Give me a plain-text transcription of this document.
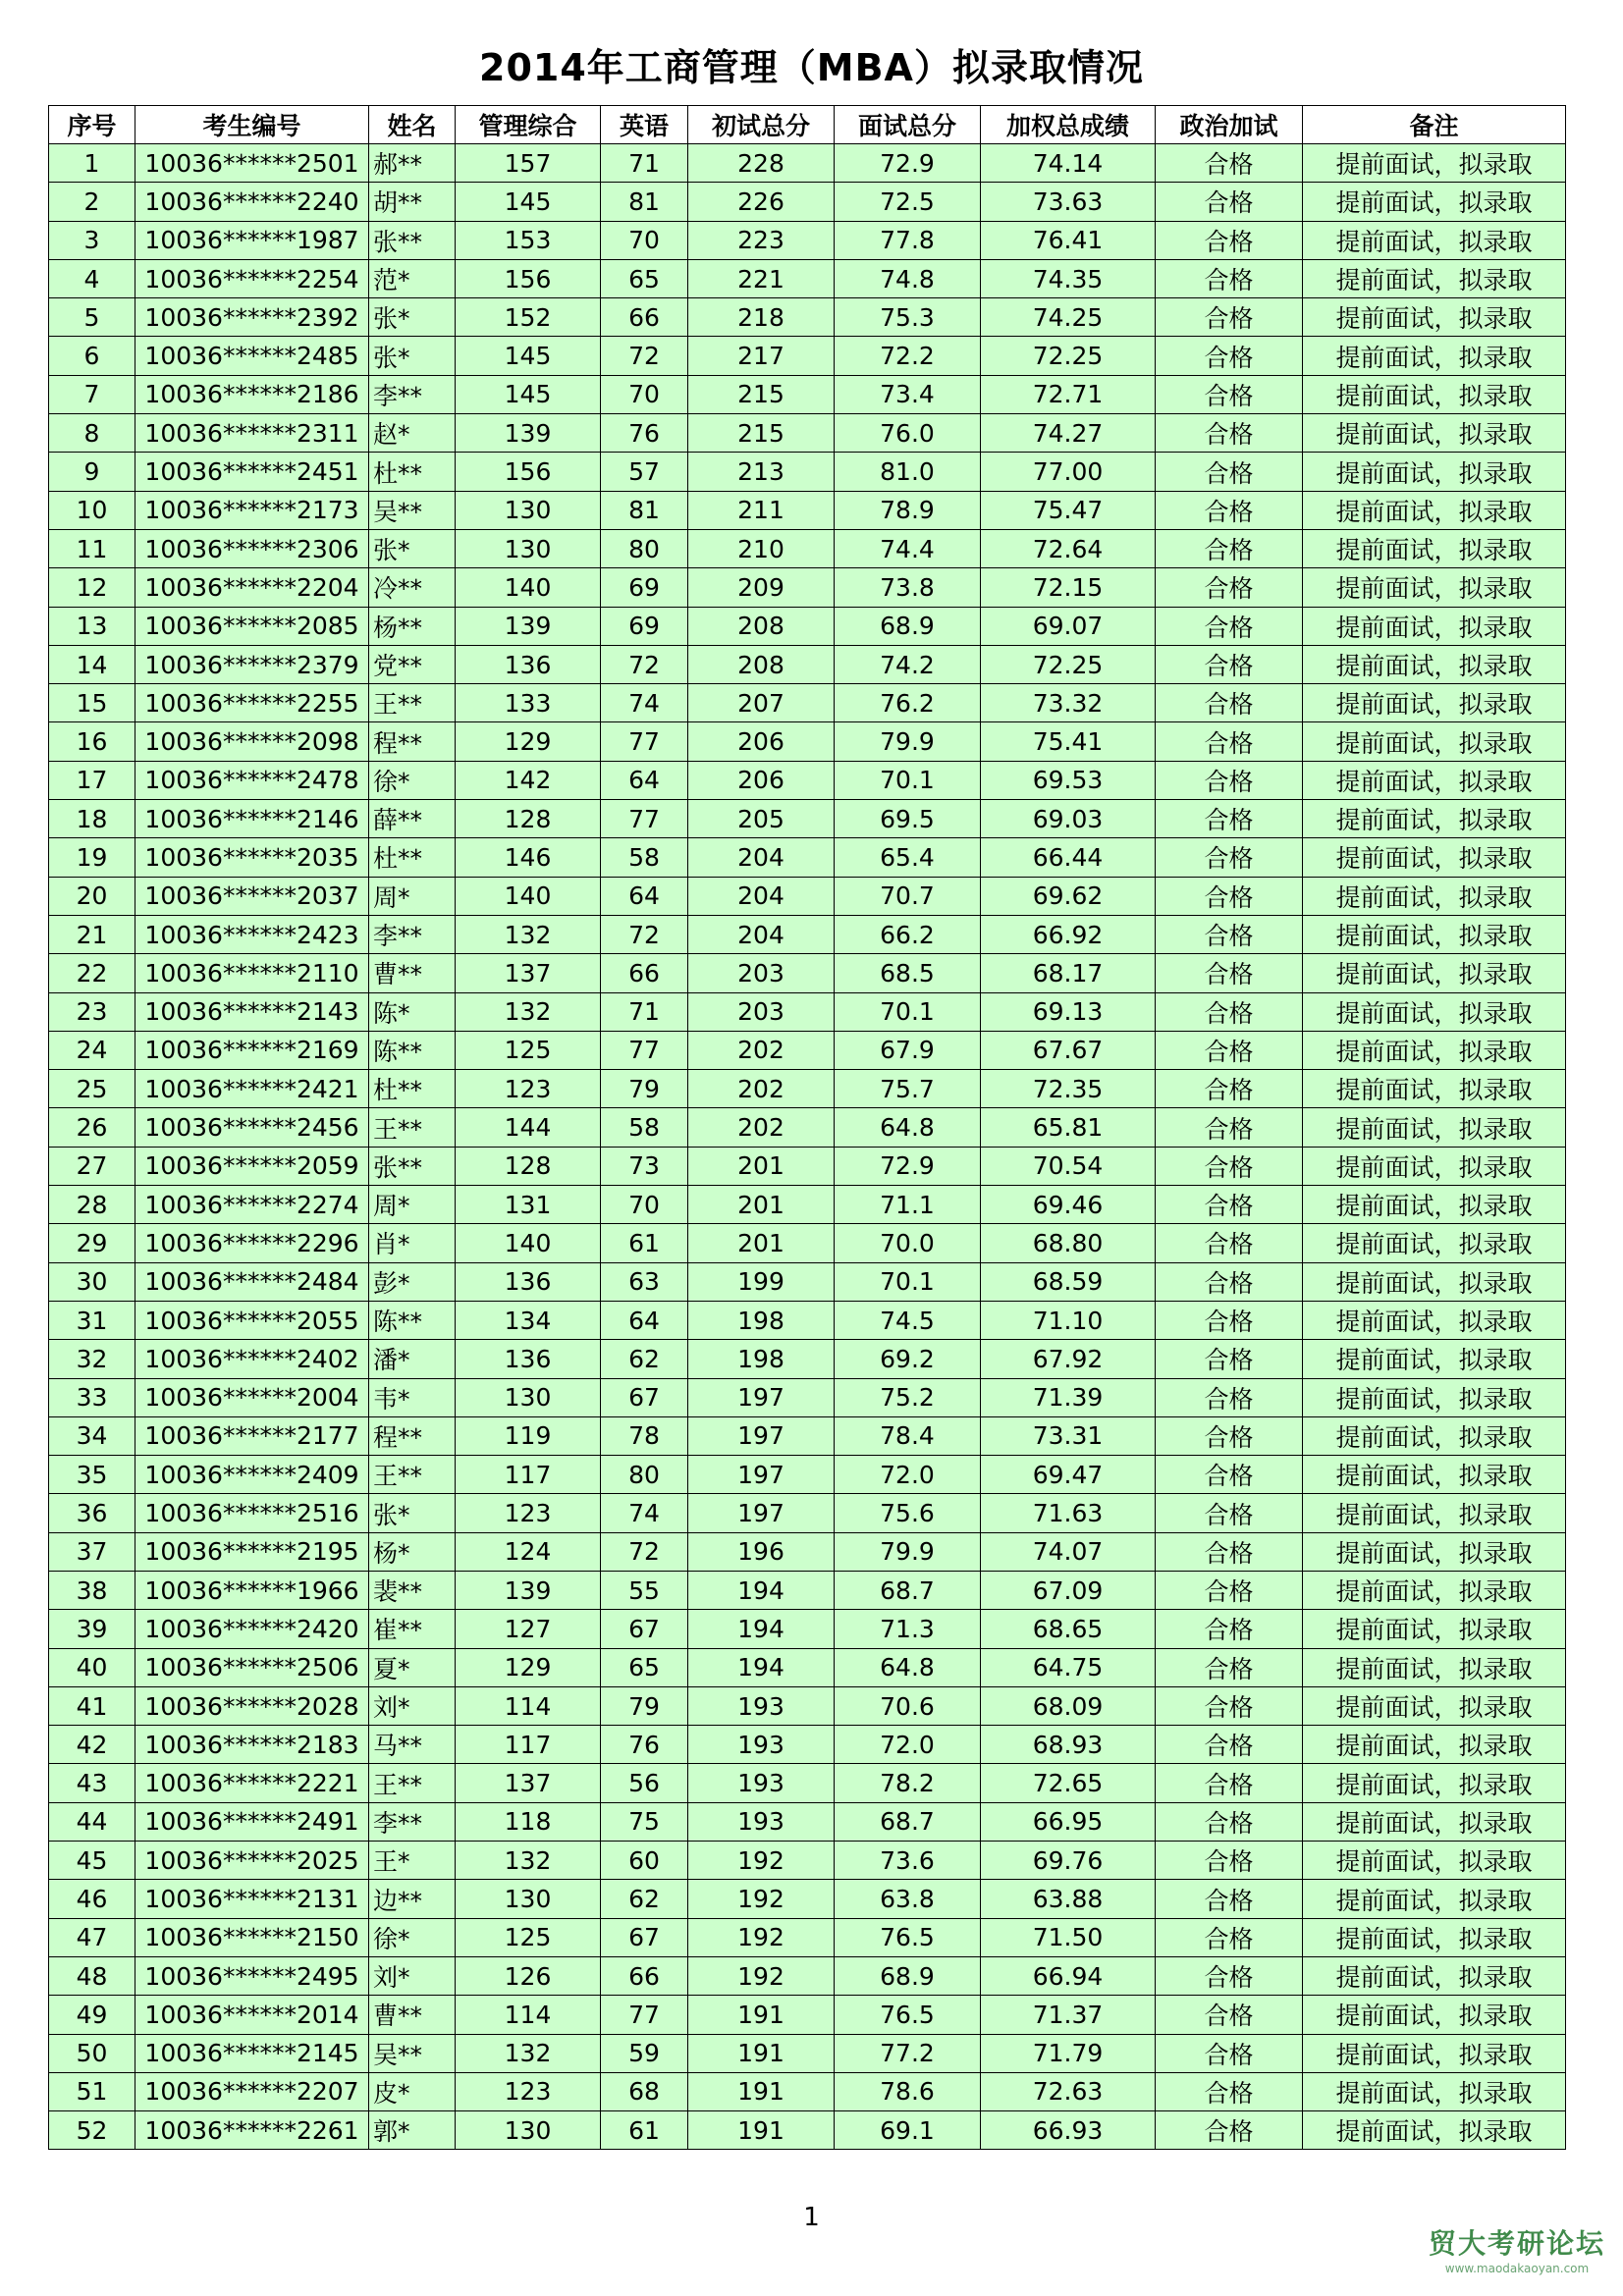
2014年工商管理（MBA）拟录取情况
序号	考生编号	姓名	管理综合	英语	初试总分	面试总分	加权总成绩	政治加试	备注
1	10036******2501	郝**	157	71	228	72.9	74.14	合格	提前面试，拟录取
2	10036******2240	胡**	145	81	226	72.5	73.63	合格	提前面试，拟录取
3	10036******1987	张**	153	70	223	77.8	76.41	合格	提前面试，拟录取
4	10036******2254	范*	156	65	221	74.8	74.35	合格	提前面试，拟录取
5	10036******2392	张*	152	66	218	75.3	74.25	合格	提前面试，拟录取
6	10036******2485	张*	145	72	217	72.2	72.25	合格	提前面试，拟录取
7	10036******2186	李**	145	70	215	73.4	72.71	合格	提前面试，拟录取
8	10036******2311	赵*	139	76	215	76.0	74.27	合格	提前面试，拟录取
9	10036******2451	杜**	156	57	213	81.0	77.00	合格	提前面试，拟录取
10	10036******2173	吴**	130	81	211	78.9	75.47	合格	提前面试，拟录取
11	10036******2306	张*	130	80	210	74.4	72.64	合格	提前面试，拟录取
12	10036******2204	冷**	140	69	209	73.8	72.15	合格	提前面试，拟录取
13	10036******2085	杨**	139	69	208	68.9	69.07	合格	提前面试，拟录取
14	10036******2379	党**	136	72	208	74.2	72.25	合格	提前面试，拟录取
15	10036******2255	王**	133	74	207	76.2	73.32	合格	提前面试，拟录取
16	10036******2098	程**	129	77	206	79.9	75.41	合格	提前面试，拟录取
17	10036******2478	徐*	142	64	206	70.1	69.53	合格	提前面试，拟录取
18	10036******2146	薛**	128	77	205	69.5	69.03	合格	提前面试，拟录取
19	10036******2035	杜**	146	58	204	65.4	66.44	合格	提前面试，拟录取
20	10036******2037	周*	140	64	204	70.7	69.62	合格	提前面试，拟录取
21	10036******2423	李**	132	72	204	66.2	66.92	合格	提前面试，拟录取
22	10036******2110	曹**	137	66	203	68.5	68.17	合格	提前面试，拟录取
23	10036******2143	陈*	132	71	203	70.1	69.13	合格	提前面试，拟录取
24	10036******2169	陈**	125	77	202	67.9	67.67	合格	提前面试，拟录取
25	10036******2421	杜**	123	79	202	75.7	72.35	合格	提前面试，拟录取
26	10036******2456	王**	144	58	202	64.8	65.81	合格	提前面试，拟录取
27	10036******2059	张**	128	73	201	72.9	70.54	合格	提前面试，拟录取
28	10036******2274	周*	131	70	201	71.1	69.46	合格	提前面试，拟录取
29	10036******2296	肖*	140	61	201	70.0	68.80	合格	提前面试，拟录取
30	10036******2484	彭*	136	63	199	70.1	68.59	合格	提前面试，拟录取
31	10036******2055	陈**	134	64	198	74.5	71.10	合格	提前面试，拟录取
32	10036******2402	潘*	136	62	198	69.2	67.92	合格	提前面试，拟录取
33	10036******2004	韦*	130	67	197	75.2	71.39	合格	提前面试，拟录取
34	10036******2177	程**	119	78	197	78.4	73.31	合格	提前面试，拟录取
35	10036******2409	王**	117	80	197	72.0	69.47	合格	提前面试，拟录取
36	10036******2516	张*	123	74	197	75.6	71.63	合格	提前面试，拟录取
37	10036******2195	杨*	124	72	196	79.9	74.07	合格	提前面试，拟录取
38	10036******1966	裴**	139	55	194	68.7	67.09	合格	提前面试，拟录取
39	10036******2420	崔**	127	67	194	71.3	68.65	合格	提前面试，拟录取
40	10036******2506	夏*	129	65	194	64.8	64.75	合格	提前面试，拟录取
41	10036******2028	刘*	114	79	193	70.6	68.09	合格	提前面试，拟录取
42	10036******2183	马**	117	76	193	72.0	68.93	合格	提前面试，拟录取
43	10036******2221	王**	137	56	193	78.2	72.65	合格	提前面试，拟录取
44	10036******2491	李**	118	75	193	68.7	66.95	合格	提前面试，拟录取
45	10036******2025	王*	132	60	192	73.6	69.76	合格	提前面试，拟录取
46	10036******2131	边**	130	62	192	63.8	63.88	合格	提前面试，拟录取
47	10036******2150	徐*	125	67	192	76.5	71.50	合格	提前面试，拟录取
48	10036******2495	刘*	126	66	192	68.9	66.94	合格	提前面试，拟录取
49	10036******2014	曹**	114	77	191	76.5	71.37	合格	提前面试，拟录取
50	10036******2145	吴**	132	59	191	77.2	71.79	合格	提前面试，拟录取
51	10036******2207	皮*	123	68	191	78.6	72.63	合格	提前面试，拟录取
52	10036******2261	郭*	130	61	191	69.1	66.93	合格	提前面试，拟录取
1
贸大考研论坛
www.maodakaoyan.com
